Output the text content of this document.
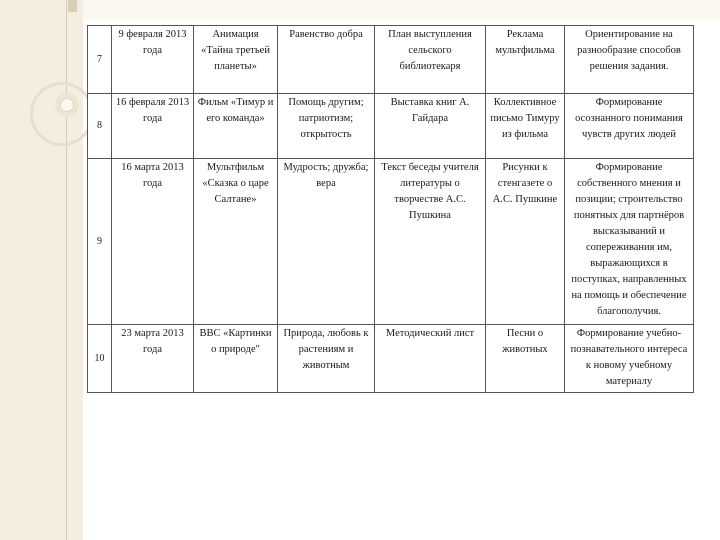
7	9 февраля 2013 года	Анимация «Тайна третьей планеты»	Равенство добра	План выступления сельского библиотекаря	Реклама мультфильма	Ориентирование на разнообразие способов решения задания.
8	16 февраля 2013 года	Фильм «Тимур и его команда»	Помощь другим; патриотизм; открытость	Выставка книг А. Гайдара	Коллективное письмо Тимуру из фильма	Формирование осознанного понимания чувств других людей
9	16 марта 2013 года	Мультфильм «Сказка о царе Салтане»	Мудрость; дружба; вера	Текст беседы учителя литературы о творчестве А.С. Пушкина	Рисунки к стенгазете о А.С. Пушкине	Формирование собственного мнения и позиции; строительство понятных для партнёров высказываний и сопереживания им, выражающихся в поступках, направленных на помощь и обеспечение благополучия.
10	23 марта 2013 года	ВВС «Картинки о природе"	Природа, любовь к растениям и животным	Методический лист	Песни о животных	Формирование учебно-познавательного интереса к новому учебному материалу
